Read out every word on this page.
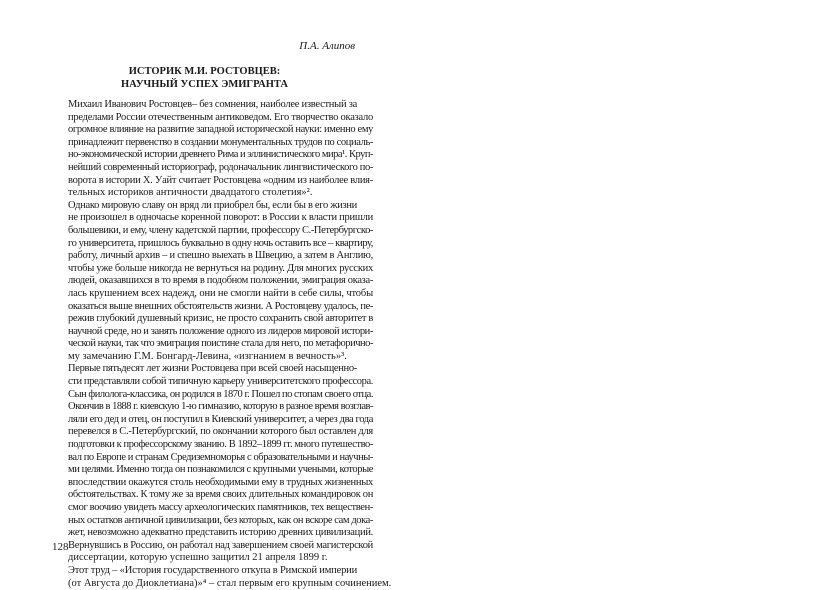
П.А. Алипов
ИСТОРИК М.И. РОСТОВЦЕВ:
НАУЧНЫЙ УСПЕХ ЭМИГРАНТА
Михаил Иванович Ростовцев– без сомнения, наиболее известный за
пределами России отечественным антиковедом. Его творчество оказало
огромное влияние на развитие западной исторической науки: именно ему
принадлежит первенство в создании монументальных трудов по социаль-
но-экономической истории древнего Рима и эллинистического мира¹. Круп-
нейший современный историограф, родоначальник лингвистического по-
ворота в истории Х. Уайт считает Ростовцева «одним из наиболее влия-
тельных историков античности двадцатого столетия»².
Однако мировую славу он вряд ли приобрел бы, если бы в его жизни
не произошел в одночасье коренной поворот: в России к власти пришли
большевики, и ему, члену кадетской партии, профессору С.-Петербургско-
го университета, пришлось буквально в одну ночь оставить все – квартиру,
работу, личный архив – и спешно выехать в Швецию, а затем в Англию,
чтобы уже больше никогда не вернуться на родину. Для многих русских
людей, оказавшихся в то время в подобном положении, эмиграция оказа-
лась крушением всех надежд, они не смогли найти в себе силы, чтобы
оказаться выше внешних обстоятельств жизни. А Ростовцеву удалось, пе-
режив глубокий душевный кризис, не просто сохранить свой авторитет в
научной среде, но и занять положение одного из лидеров мировой истори-
ческой науки, так что эмиграция поистине стала для него, по метафорично-
му замечанию Г.М. Бонгард-Левина, «изгнанием в вечность»³.
Первые пятьдесят лет жизни Ростовцева при всей своей насыщенно-
сти представляли собой типичную карьеру университетского профессора.
Сын филолога-классика, он родился в 1870 г. Пошел по стопам своего отца.
Окончив в 1888 г. киевскую 1-ю гимназию, которую в разное время возглав-
ляли его дед и отец, он поступил в Киевский университет, а через два года
перевелся в С.-Петербургский, по окончании которого был оставлен для
подготовки к профессорскому званию. В 1892–1899 гг. много путешество-
вал по Европе и странам Средиземноморья с образовательными и научны-
ми целями. Именно тогда он познакомился с крупными учеными, которые
впоследствии окажутся столь необходимыми ему в трудных жизненных
обстоятельствах. К тому же за время своих длительных командировок он
смог воочию увидеть массу археологических памятников, тех веществен-
ных остатков античной цивилизации, без которых, как он вскоре сам дока-
жет, невозможно адекватно представить историю древних цивилизаций.
Вернувшись в Россию, он работал над завершением своей магистерской
диссертации, которую успешно защитил 21 апреля 1899 г.
Этот труд – «История государственного откупа в Римской империи
(от Августа до Диоклетиана)»⁴ – стал первым его крупным сочинением.
128
